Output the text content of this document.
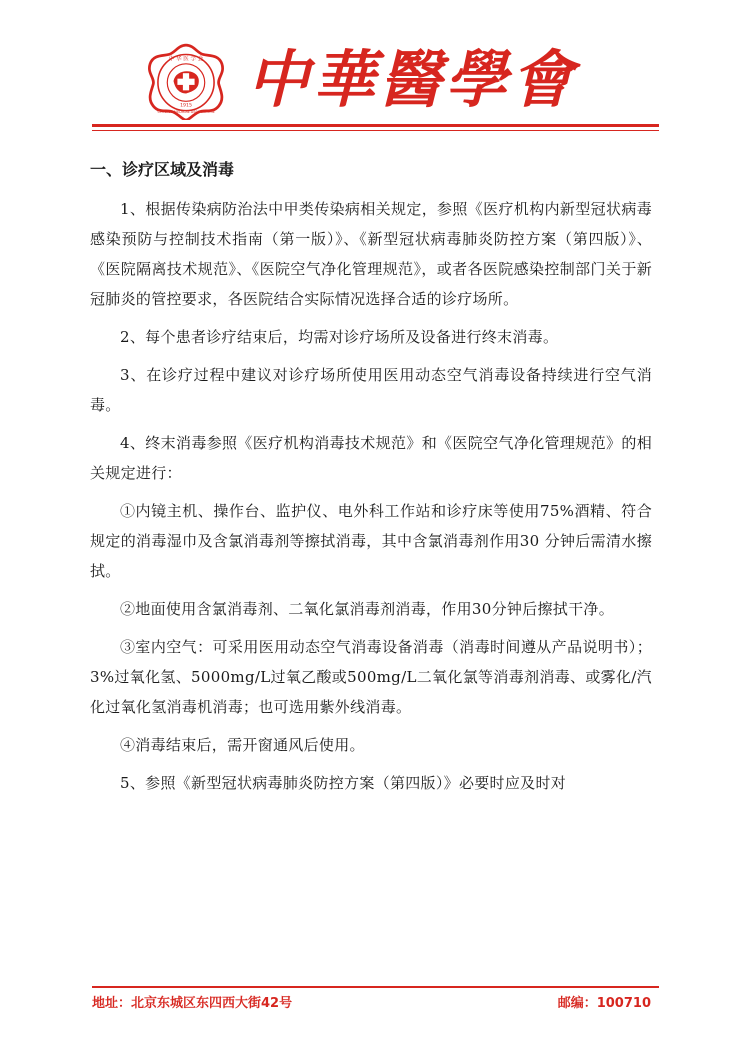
中 华 医 学 会
1915
CHINESE MEDICAL ASSOCIATION 中華醫學會
一、诊疗区域及消毒

1、根据传染病防治法中甲类传染病相关规定，参照《医疗机构内新型冠状病毒感染预防与控制技术指南（第一版）》、《新型冠状病毒肺炎防控方案（第四版）》、《医院隔离技术规范》、《医院空气净化管理规范》，或者各医院感染控制部门关于新冠肺炎的管控要求，各医院结合实际情况选择合适的诊疗场所。

2、每个患者诊疗结束后，均需对诊疗场所及设备进行终末消毒。

3、在诊疗过程中建议对诊疗场所使用医用动态空气消毒设备持续进行空气消毒。

4、终末消毒参照《医疗机构消毒技术规范》和《医院空气净化管理规范》的相关规定进行：

①内镜主机、操作台、监护仪、电外科工作站和诊疗床等使用75%酒精、符合规定的消毒湿巾及含氯消毒剂等擦拭消毒，其中含氯消毒剂作用30 分钟后需清水擦拭。

②地面使用含氯消毒剂、二氧化氯消毒剂消毒，作用30分钟后擦拭干净。

③室内空气：可采用医用动态空气消毒设备消毒（消毒时间遵从产品说明书）；3%过氧化氢、5000mg/L过氧乙酸或500mg/L二氧化氯等消毒剂消毒、或雾化/汽化过氧化氢消毒机消毒；也可选用紫外线消毒。

④消毒结束后，需开窗通风后使用。

5、参照《新型冠状病毒肺炎防控方案（第四版）》必要时应及时对

地址：北京东城区东四西大街42号	邮编：100710
